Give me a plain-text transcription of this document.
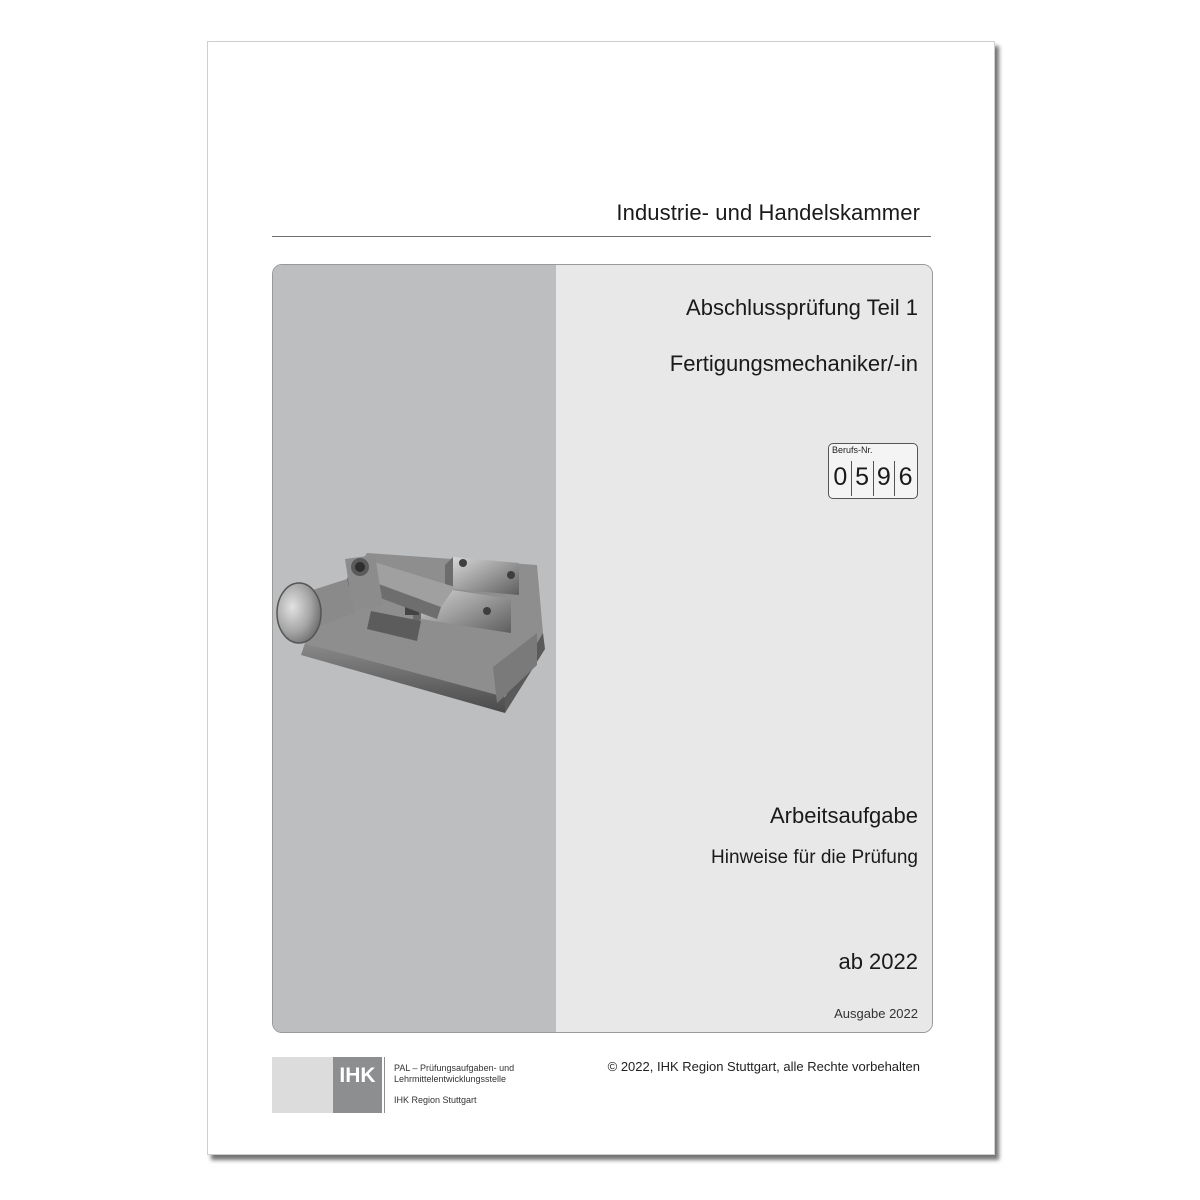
Industrie- und Handelskammer
Abschlussprüfung Teil 1
Fertigungsmechaniker/-in
Berufs-Nr.
0 5 9 6
Arbeitsaufgabe
Hinweise für die Prüfung
ab 2022
Ausgabe 2022
IHK	PAL – Prüfungsaufgaben- und
Lehrmittelentwicklungsstelle
IHK Region Stuttgart
© 2022, IHK Region Stuttgart, alle Rechte vorbehalten
